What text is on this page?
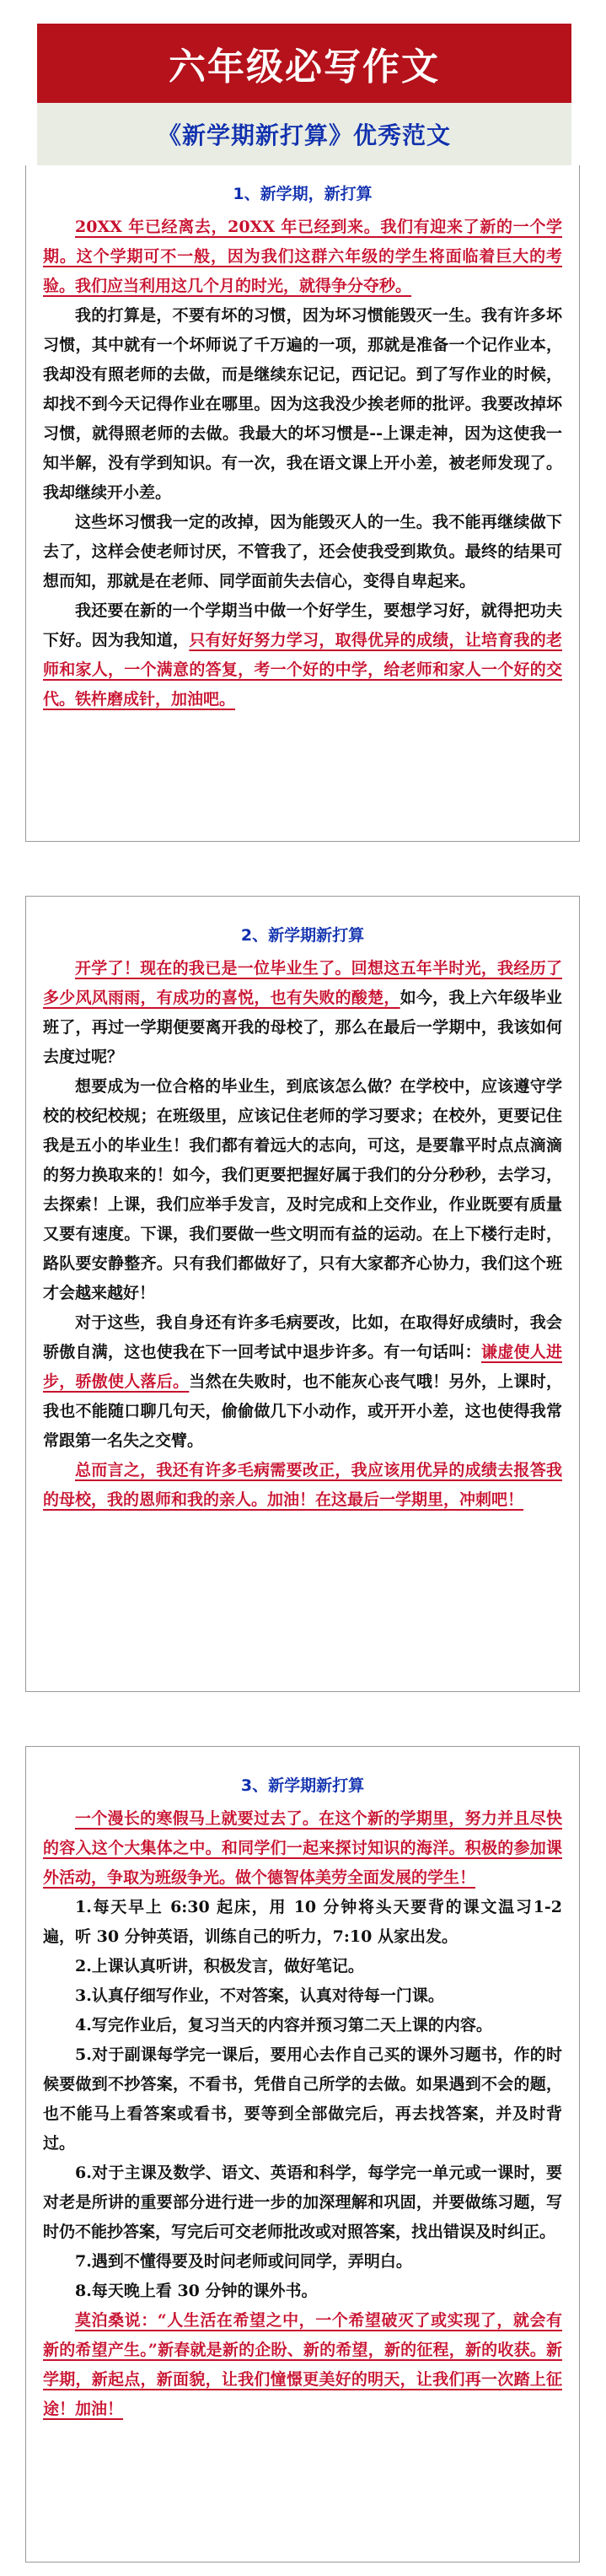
六年级必写作文
《新学期新打算》优秀范文
1、新学期，新打算

20XX 年已经离去，20XX 年已经到来。我们有迎来了新的一个学期。这个学期可不一般，因为我们这群六年级的学生将面临着巨大的考验。我们应当利用这几个月的时光，就得争分夺秒。

我的打算是，不要有坏的习惯，因为坏习惯能毁灭一生。我有许多坏习惯，其中就有一个坏师说了千万遍的一项，那就是准备一个记作业本，我却没有照老师的去做，而是继续东记记，西记记。到了写作业的时候，却找不到今天记得作业在哪里。因为这我没少挨老师的批评。我要改掉坏习惯，就得照老师的去做。我最大的坏习惯是--上课走神，因为这使我一知半解，没有学到知识。有一次，我在语文课上开小差，被老师发现了。我却继续开小差。

这些坏习惯我一定的改掉，因为能毁灭人的一生。我不能再继续做下去了，这样会使老师讨厌，不管我了，还会使我受到欺负。最终的结果可想而知，那就是在老师、同学面前失去信心，变得自卑起来。

我还要在新的一个学期当中做一个好学生，要想学习好，就得把功夫下好。因为我知道，只有好好努力学习，取得优异的成绩，让培育我的老师和家人，一个满意的答复，考一个好的中学，给老师和家人一个好的交代。铁杵磨成针，加油吧。

2、新学期新打算

开学了！现在的我已是一位毕业生了。回想这五年半时光，我经历了多少风风雨雨，有成功的喜悦，也有失败的酸楚，如今，我上六年级毕业班了，再过一学期便要离开我的母校了，那么在最后一学期中，我该如何去度过呢？

想要成为一位合格的毕业生，到底该怎么做？在学校中，应该遵守学校的校纪校规；在班级里，应该记住老师的学习要求；在校外，更要记住我是五小的毕业生！我们都有着远大的志向，可这，是要靠平时点点滴滴的努力换取来的！如今，我们更要把握好属于我们的分分秒秒，去学习，去探索！上课，我们应举手发言，及时完成和上交作业，作业既要有质量又要有速度。下课，我们要做一些文明而有益的运动。在上下楼行走时，路队要安静整齐。只有我们都做好了，只有大家都齐心协力，我们这个班才会越来越好！

对于这些，我自身还有许多毛病要改，比如，在取得好成绩时，我会骄傲自满，这也使我在下一回考试中退步许多。有一句话叫：谦虚使人进步，骄傲使人落后。当然在失败时，也不能灰心丧气哦！另外，上课时，我也不能随口聊几句天，偷偷做几下小动作，或开开小差，这也使得我常常跟第一名失之交臂。

总而言之，我还有许多毛病需要改正，我应该用优异的成绩去报答我的母校，我的恩师和我的亲人。加油！在这最后一学期里，冲刺吧！

3、新学期新打算

一个漫长的寒假马上就要过去了。在这个新的学期里，努力并且尽快的容入这个大集体之中。和同学们一起来探讨知识的海洋。积极的参加课外活动，争取为班级争光。做个德智体美劳全面发展的学生！

1.每天早上 6:30 起床，用 10 分钟将头天要背的课文温习1-2 遍，听 30 分钟英语，训练自己的听力，7:10 从家出发。

2.上课认真听讲，积极发言，做好笔记。

3.认真仔细写作业，不对答案，认真对待每一门课。

4.写完作业后，复习当天的内容并预习第二天上课的内容。

5.对于副课每学完一课后，要用心去作自己买的课外习题书，作的时候要做到不抄答案，不看书，凭借自己所学的去做。如果遇到不会的题，也不能马上看答案或看书，要等到全部做完后，再去找答案，并及时背过。

6.对于主课及数学、语文、英语和科学，每学完一单元或一课时，要对老是所讲的重要部分进行进一步的加深理解和巩固，并要做练习题，写时仍不能抄答案，写完后可交老师批改或对照答案，找出错误及时纠正。

7.遇到不懂得要及时问老师或问同学，弄明白。

8.每天晚上看 30 分钟的课外书。

莫泊桑说：“人生活在希望之中，一个希望破灭了或实现了，就会有新的希望产生。”新春就是新的企盼、新的希望，新的征程，新的收获。新学期，新起点，新面貌，让我们憧憬更美好的明天，让我们再一次踏上征途！加油！
